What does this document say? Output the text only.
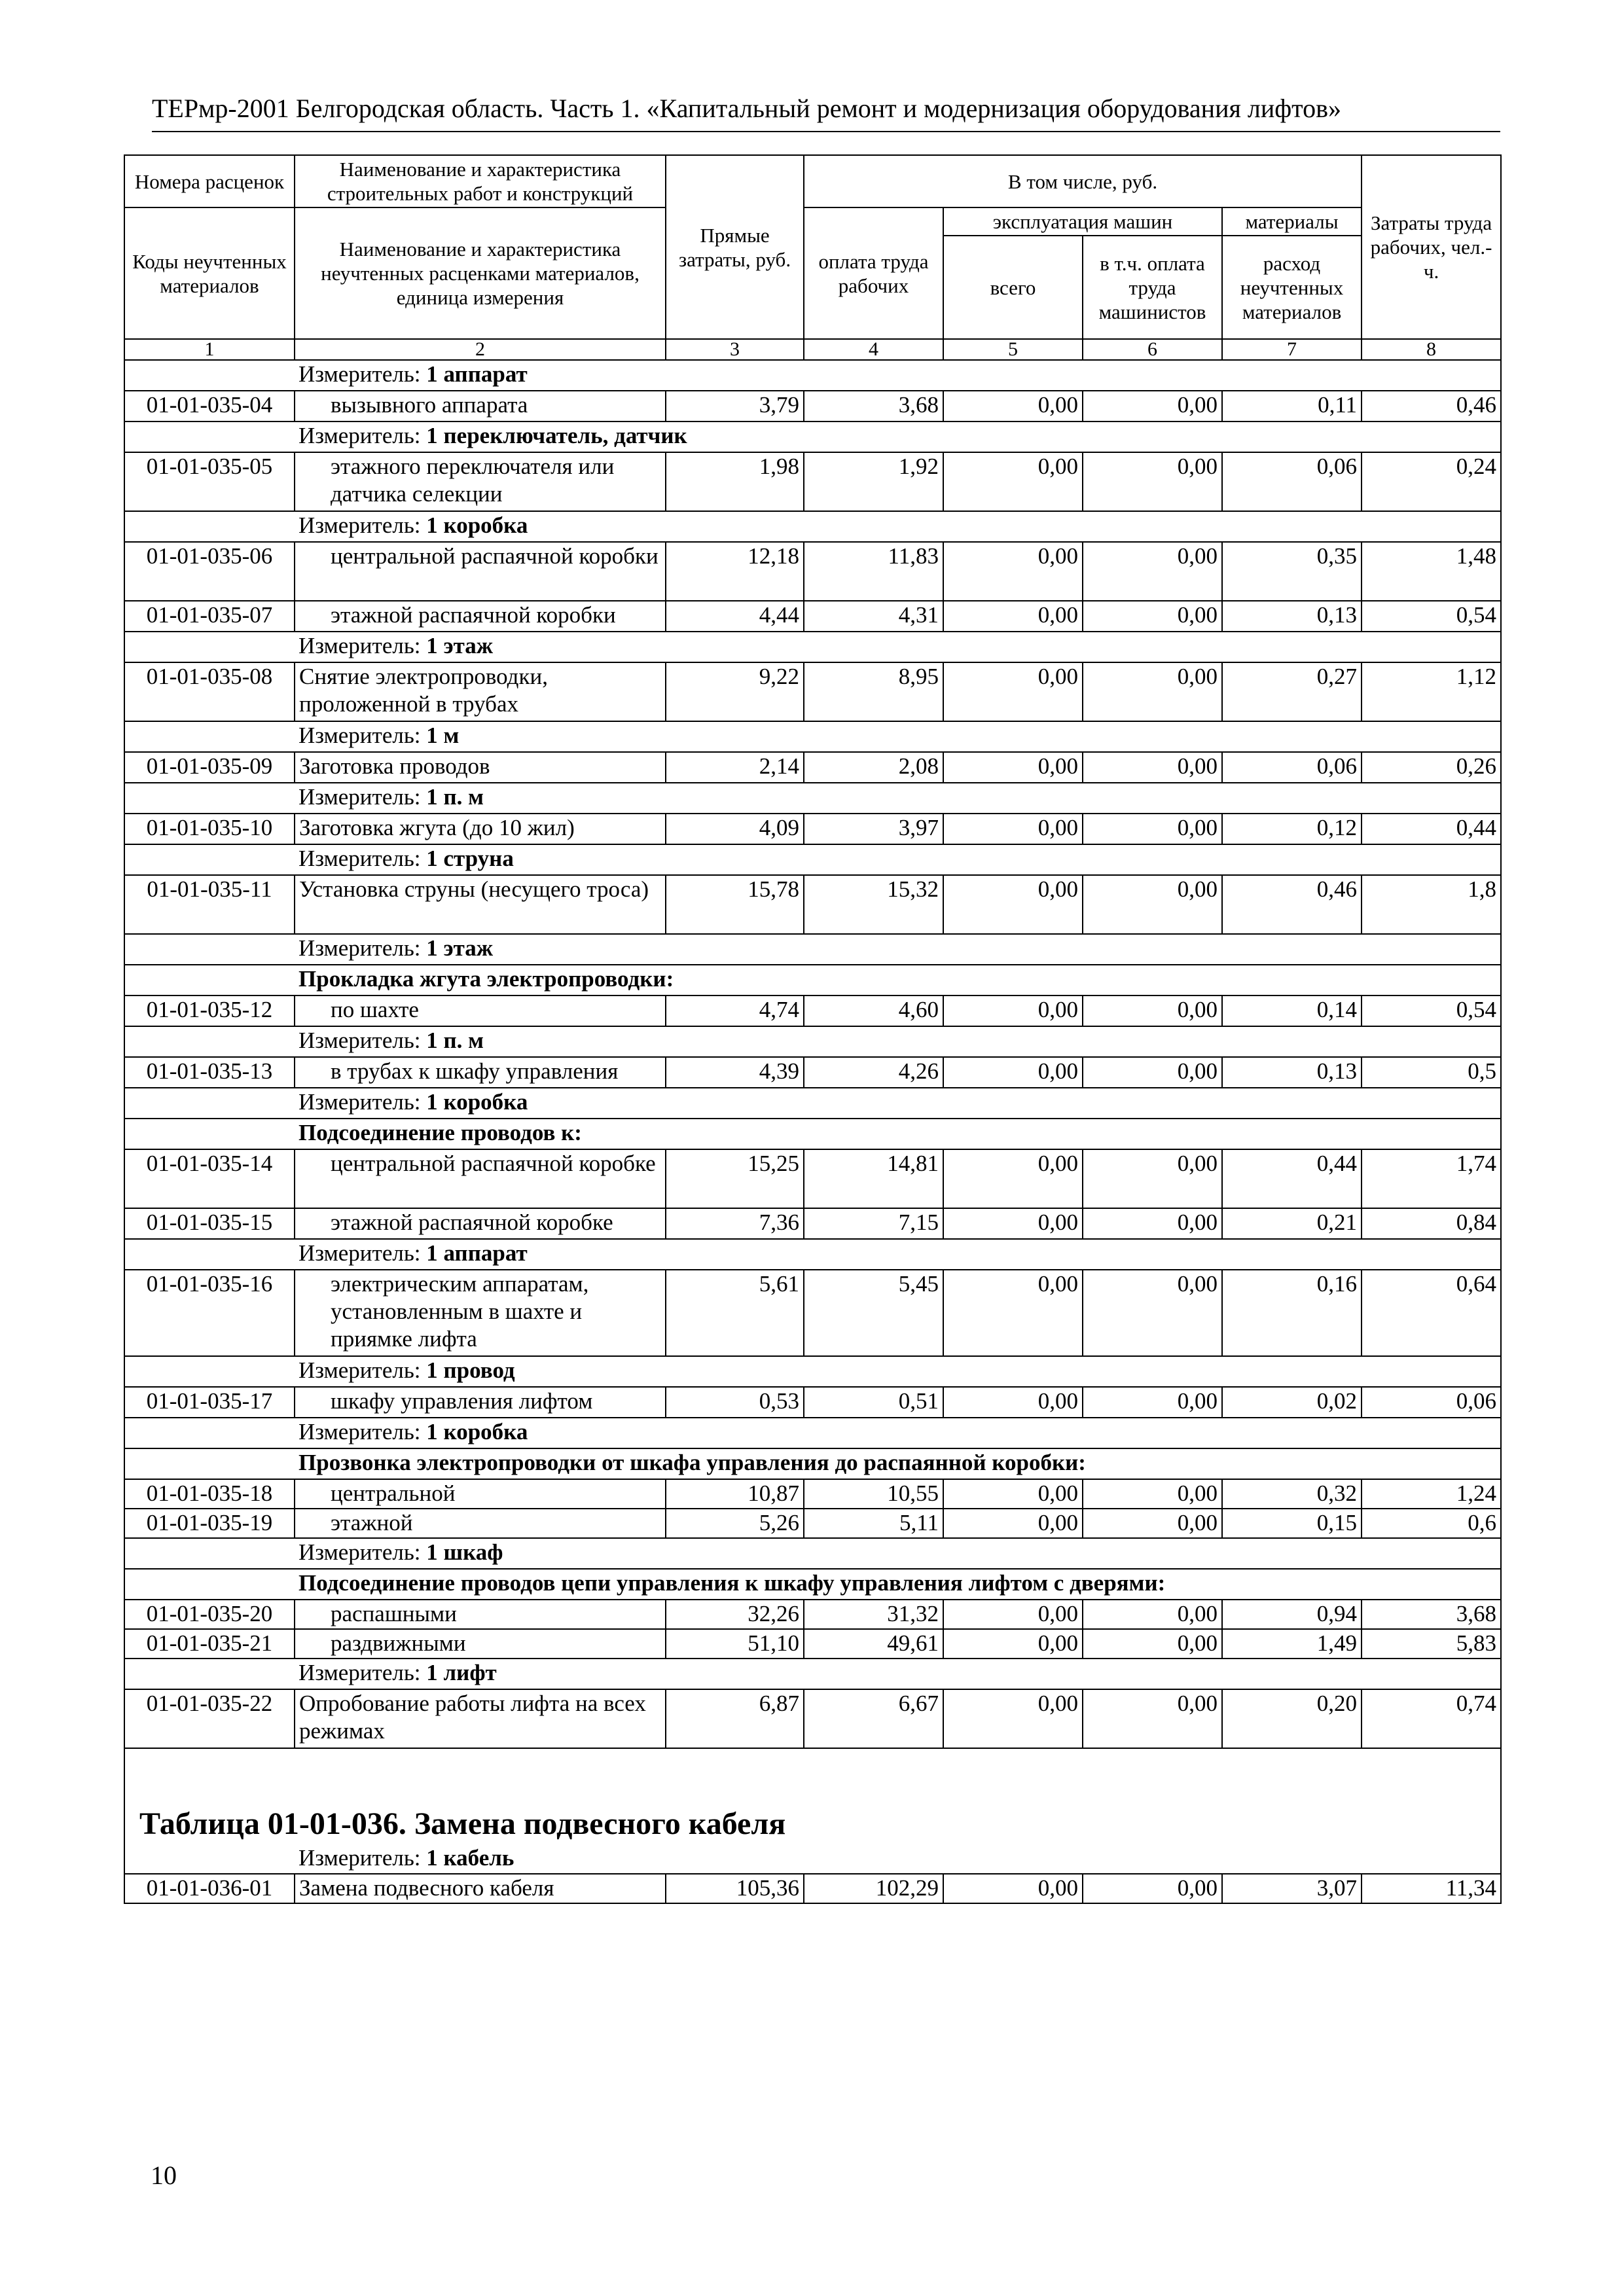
ТЕРмр-2001 Белгородская область. Часть 1. «Капитальный ремонт и модернизация оборудования лифтов»
Номера расценок	Наименование и характеристика строительных работ и конструкций	Прямые затраты, руб.	В том числе, руб.				Затраты труда рабочих, чел.-ч.
Коды неучтенных материалов	Наименование и характеристика неучтенных расценками материалов, единица измерения		оплата труда рабочих	эксплуатация машин		материалы	
				всего	в т.ч. оплата труда машинистов	расход неучтенных материалов	
1	2	3	4	5	6	7	8
Измеритель: 1 аппарат							
01-01-035-04	вызывного аппарата	3,79	3,68	0,00	0,00	0,11	0,46
Измеритель: 1 переключатель, датчик							
01-01-035-05	этажного переключателя или датчика селекции	1,98	1,92	0,00	0,00	0,06	0,24
Измеритель: 1 коробка							
01-01-035-06	центральной распаячной коробки	12,18	11,83	0,00	0,00	0,35	1,48
01-01-035-07	этажной распаячной коробки	4,44	4,31	0,00	0,00	0,13	0,54
Измеритель: 1 этаж							
01-01-035-08	Снятие электропроводки, проложенной в трубах	9,22	8,95	0,00	0,00	0,27	1,12
Измеритель: 1 м							
01-01-035-09	Заготовка проводов	2,14	2,08	0,00	0,00	0,06	0,26
Измеритель: 1 п. м							
01-01-035-10	Заготовка жгута (до 10 жил)	4,09	3,97	0,00	0,00	0,12	0,44
Измеритель: 1 струна							
01-01-035-11	Установка струны (несущего троса)	15,78	15,32	0,00	0,00	0,46	1,8
Измеритель: 1 этаж							
Прокладка жгута электропроводки:							
01-01-035-12	по шахте	4,74	4,60	0,00	0,00	0,14	0,54
Измеритель: 1 п. м							
01-01-035-13	в трубах к шкафу управления	4,39	4,26	0,00	0,00	0,13	0,5
Измеритель: 1 коробка							
Подсоединение проводов к:							
01-01-035-14	центральной распаячной коробке	15,25	14,81	0,00	0,00	0,44	1,74
01-01-035-15	этажной распаячной коробке	7,36	7,15	0,00	0,00	0,21	0,84
Измеритель: 1 аппарат							
01-01-035-16	электрическим аппаратам, установленным в шахте и приямке лифта	5,61	5,45	0,00	0,00	0,16	0,64
Измеритель: 1 провод							
01-01-035-17	шкафу управления лифтом	0,53	0,51	0,00	0,00	0,02	0,06
Измеритель: 1 коробка							
Прозвонка электропроводки от шкафа управления до распаянной коробки:							
01-01-035-18	центральной	10,87	10,55	0,00	0,00	0,32	1,24
01-01-035-19	этажной	5,26	5,11	0,00	0,00	0,15	0,6
Измеритель: 1 шкаф							
Подсоединение проводов цепи управления к шкафу управления лифтом с дверями:							
01-01-035-20	распашными	32,26	31,32	0,00	0,00	0,94	3,68
01-01-035-21	раздвижными	51,10	49,61	0,00	0,00	1,49	5,83
Измеритель: 1 лифт							
01-01-035-22	Опробование работы лифта на всех режимах	6,87	6,67	0,00	0,00	0,20	0,74
Таблица 01-01-036. Замена подвесного кабеля							
Измеритель: 1 кабель							
01-01-036-01	Замена подвесного кабеля	105,36	102,29	0,00	0,00	3,07	11,34
10
